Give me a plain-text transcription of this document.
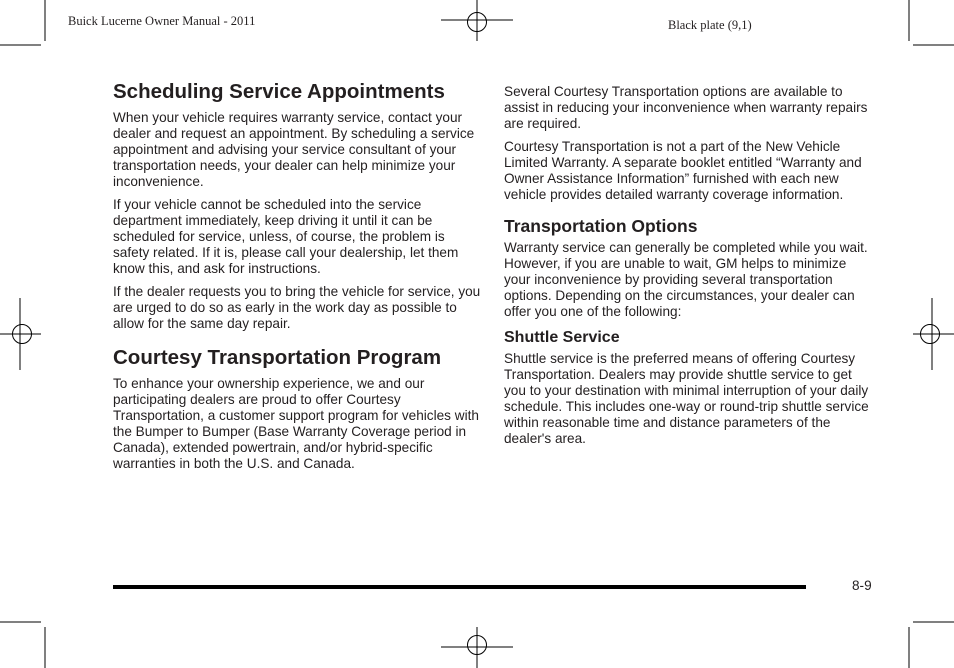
Buick Lucerne Owner Manual - 2011	Black plate (9,1)
Scheduling Service Appointments

When your vehicle requires warranty service, contact your dealer and request an appointment. By scheduling a service appointment and advising your service consultant of your transportation needs, your dealer can help minimize your inconvenience.

If your vehicle cannot be scheduled into the service department immediately, keep driving it until it can be scheduled for service, unless, of course, the problem is safety related. If it is, please call your dealership, let them know this, and ask for instructions.

If the dealer requests you to bring the vehicle for service, you are urged to do so as early in the work day as possible to allow for the same day repair.

Courtesy Transportation Program

To enhance your ownership experience, we and our participating dealers are proud to offer Courtesy Transportation, a customer support program for vehicles with the Bumper to Bumper (Base Warranty Coverage period in Canada), extended powertrain, and/or hybrid-specific warranties in both the U.S. and Canada.

Several Courtesy Transportation options are available to assist in reducing your inconvenience when warranty repairs are required.

Courtesy Transportation is not a part of the New Vehicle Limited Warranty. A separate booklet entitled “Warranty and Owner Assistance Information” furnished with each new vehicle provides detailed warranty coverage information.

Transportation Options

Warranty service can generally be completed while you wait. However, if you are unable to wait, GM helps to minimize your inconvenience by providing several transportation options. Depending on the circumstances, your dealer can offer you one of the following:

Shuttle Service

Shuttle service is the preferred means of offering Courtesy Transportation. Dealers may provide shuttle service to get you to your destination with minimal interruption of your daily schedule. This includes one-way or round-trip shuttle service within reasonable time and distance parameters of the dealer's area.

8-9
